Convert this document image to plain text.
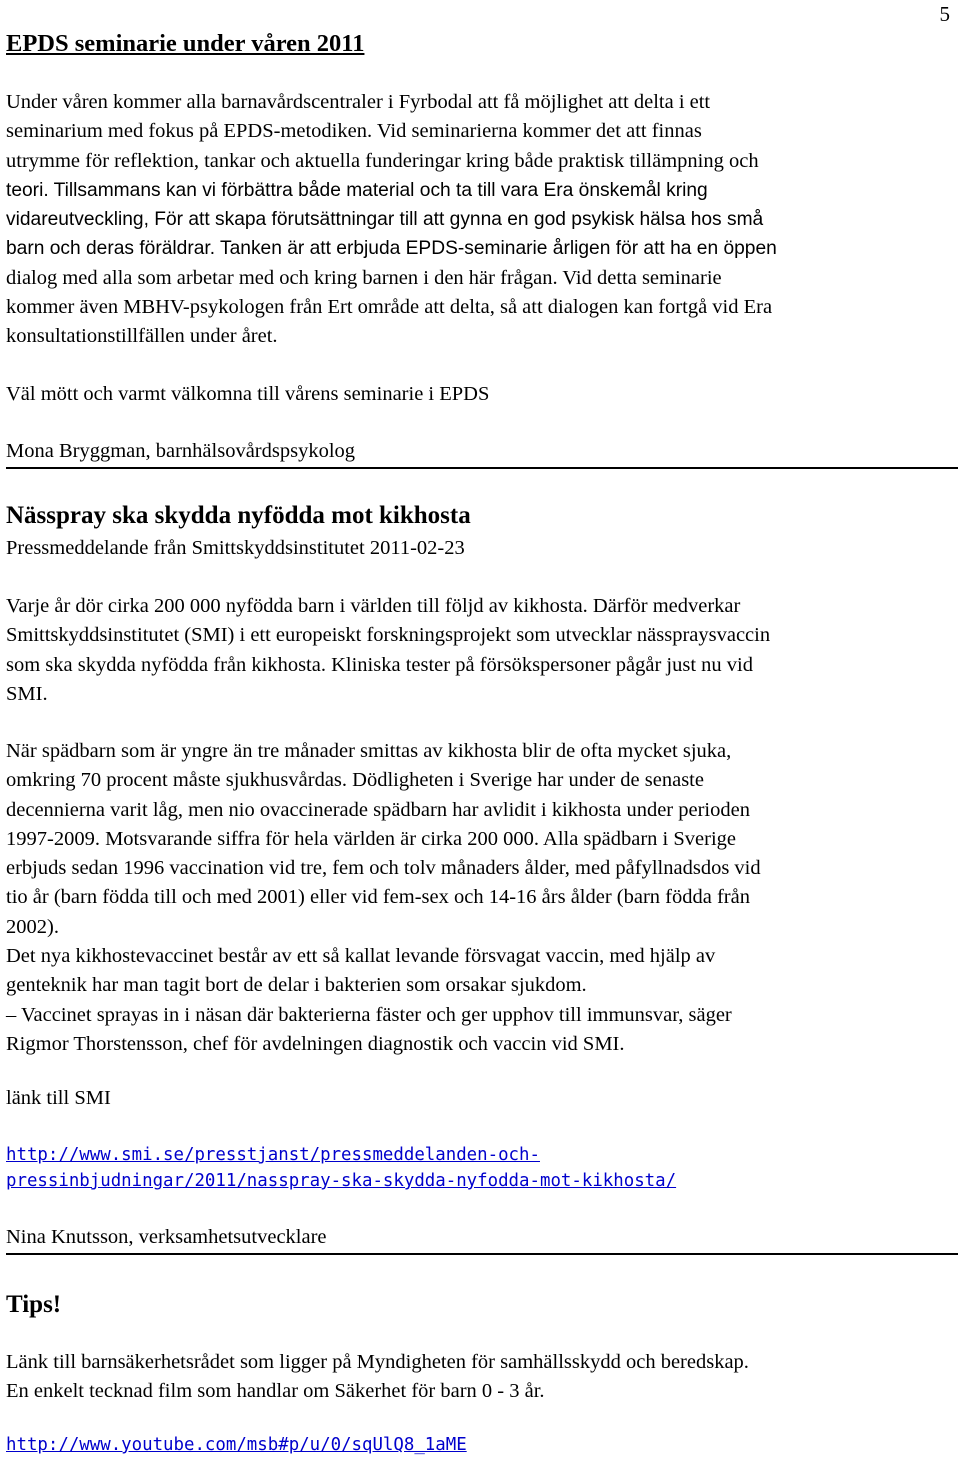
5
EPDS seminarie under våren 2011
Under våren kommer alla barnavårdscentraler i Fyrbodal att få möjlighet att delta i ett
seminarium med fokus på EPDS-metodiken. Vid seminarierna kommer det att finnas
utrymme för reflektion, tankar och aktuella funderingar kring både praktisk tillämpning och
teori. Tillsammans kan vi förbättra både material och ta till vara Era önskemål kring
vidareutveckling, För att skapa förutsättningar till att gynna en god psykisk hälsa hos små
barn och deras föräldrar. Tanken är att erbjuda EPDS-seminarie årligen för att ha en öppen
dialog med alla som arbetar med och kring barnen i den här frågan. Vid detta seminarie
kommer även MBHV-psykologen från Ert område att delta, så att dialogen kan fortgå vid Era
konsultationstillfällen under året.
Väl mött och varmt välkomna till vårens seminarie i EPDS
Mona Bryggman, barnhälsovårdspsykolog
Nässpray ska skydda nyfödda mot kikhosta
Pressmeddelande från Smittskyddsinstitutet 2011-02-23
Varje år dör cirka 200 000 nyfödda barn i världen till följd av kikhosta. Därför medverkar
Smittskyddsinstitutet (SMI) i ett europeiskt forskningsprojekt som utvecklar nässpraysvaccin
som ska skydda nyfödda från kikhosta. Kliniska tester på försökspersoner pågår just nu vid
SMI.
När spädbarn som är yngre än tre månader smittas av kikhosta blir de ofta mycket sjuka,
omkring 70 procent måste sjukhusvårdas. Dödligheten i Sverige har under de senaste
decennierna varit låg, men nio ovaccinerade spädbarn har avlidit i kikhosta under perioden
1997-2009. Motsvarande siffra för hela världen är cirka 200 000. Alla spädbarn i Sverige
erbjuds sedan 1996 vaccination vid tre, fem och tolv månaders ålder, med påfyllnadsdos vid
tio år (barn födda till och med 2001) eller vid fem-sex och 14-16 års ålder (barn födda från
2002).
Det nya kikhostevaccinet består av ett så kallat levande försvagat vaccin, med hjälp av
genteknik har man tagit bort de delar i bakterien som orsakar sjukdom.
– Vaccinet sprayas in i näsan där bakterierna fäster och ger upphov till immunsvar, säger
Rigmor Thorstensson, chef för avdelningen diagnostik och vaccin vid SMI.
länk till SMI
http://www.smi.se/presstjanst/pressmeddelanden-och-
pressinbjudningar/2011/nasspray-ska-skydda-nyfodda-mot-kikhosta/
Nina Knutsson, verksamhetsutvecklare
Tips!
Länk till barnsäkerhetsrådet som ligger på Myndigheten för samhällsskydd och beredskap.
En enkelt tecknad film som handlar om Säkerhet för barn 0 - 3 år.
http://www.youtube.com/msb#p/u/0/sqUlQ8_1aME
